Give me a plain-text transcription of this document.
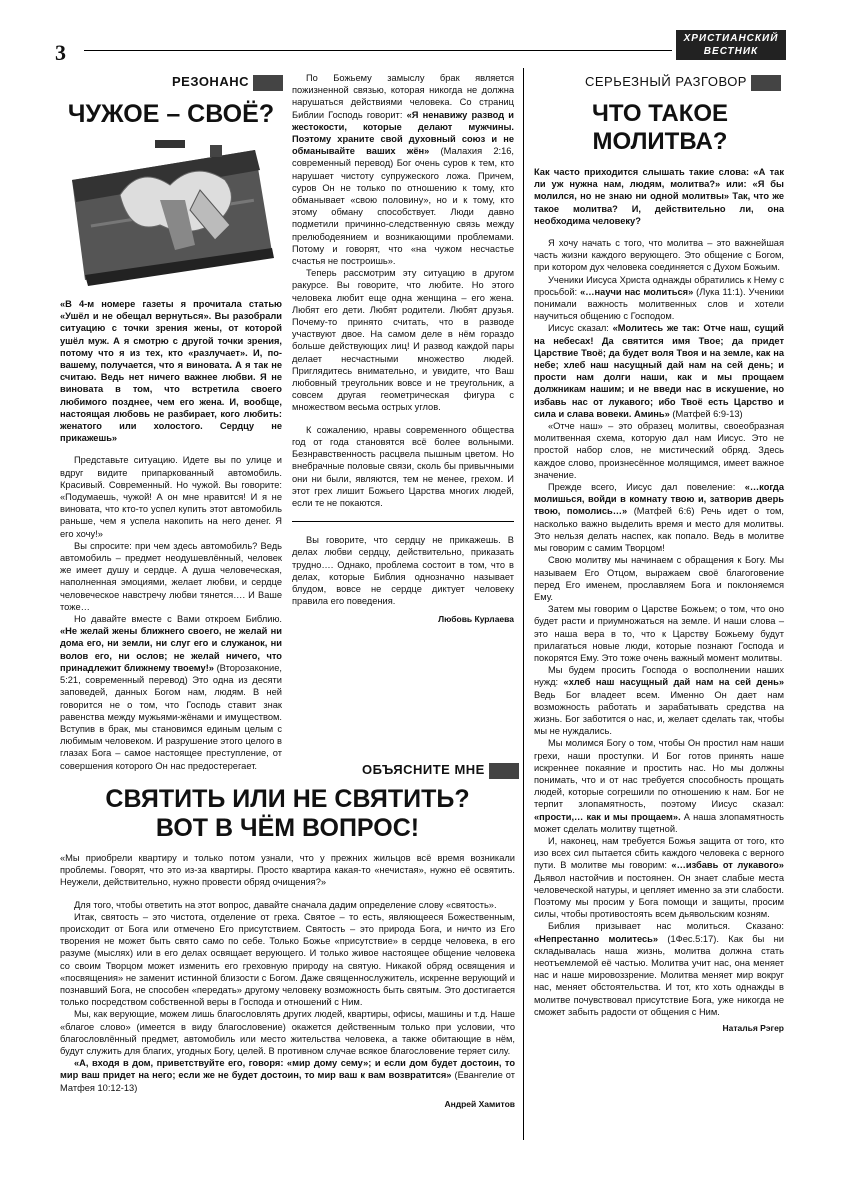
3
ХРИСТИАНСКИЙ
ВЕСТНИК
РЕЗОНАНС
ЧУЖОЕ – СВОЁ?

«В 4-м номере газеты я прочитала статью «Ушёл и не обещал вернуться». Вы разобрали ситуацию с точки зрения жены, от которой ушёл муж. А я смотрю с другой точки зрения, потому что я из тех, кто «разлучает». И, по-вашему, получается, что я виновата. А я так не считаю. Ведь нет ничего важнее любви. Я не виновата в том, что встретила своего любимого позднее, чем его жена. И, вообще, настоящая любовь не разбирает, кого любить: женатого или холостого. Сердцу не прикажешь»

Представьте ситуацию. Идете вы по улице и вдруг видите припаркованный автомобиль. Красивый. Современный. Но чужой. Вы говорите: «Подумаешь, чужой! А он мне нравится! И я не виновата, что кто-то успел купить этот автомобиль раньше, чем я успела накопить на него денег. Я его хочу!»

Вы спросите: при чем здесь автомобиль? Ведь автомобиль – предмет неодушевлённый, человек же имеет душу и сердце. А душа человеческая, наполненная эмоциями, желает любви, и сердце человеческое навстречу любви тянется…. И Ваше тоже…

Но давайте вместе с Вами откроем Библию. «Не желай жены ближнего своего, не желай ни дома его, ни земли, ни слуг его и служанок, ни волов его, ни ослов; не желай ничего, что принадлежит ближнему твоему!» (Второзаконие, 5:21, современный перевод) Это одна из десяти заповедей, данных Богом нам, людям. В ней говорится не о том, что Господь ставит знак равенства между мужьями-жёнами и имуществом. Вступив в брак, мы становимся единым целым с любимым человеком. И разрушение этого целого в глазах Бога – самое настоящее преступление, от совершения которого Он нас предостерегает.

По Божьему замыслу брак является пожизненной связью, которая никогда не должна нарушаться действиями человека. Со страниц Библии Господь говорит: «Я ненавижу развод и жестокости, которые делают мужчины. Поэтому храните свой духовный союз и не обманывайте ваших жён» (Малахия 2:16, современный перевод) Бог очень суров к тем, кто нарушает чистоту супружеского ложа. Причем, суров Он не только по отношению к тому, кто обманывает «свою половину», но и к тому, кто этому обману способствует. Люди давно подметили причинно-следственную связь между прелюбодеянием и возникающими проблемами. Потому и говорят, что «на чужом несчастье счастья не построишь».

Теперь рассмотрим эту ситуацию в другом ракурсе. Вы говорите, что любите. Но этого человека любит еще одна женщина – его жена. Любят его дети. Любят родители. Любят друзья. Почему-то принято считать, что в разводе участвуют двое. На самом деле в нём гораздо больше действующих лиц! И развод каждой пары делает несчастными множество людей. Приглядитесь внимательно, и увидите, что Ваш любовный треугольник вовсе и не треугольник, а совсем другая геометрическая фигура с множеством весьма острых углов.

К сожалению, нравы современного общества год от года становятся всё более вольными. Безнравственность расцвела пышным цветом. Но внебрачные половые связи, сколь бы привычными они ни были, являются, тем не менее, грехом. И этот грех лишит Божьего Царства многих людей, если те не покаются.

Вы говорите, что сердцу не прикажешь. В делах любви сердцу, действительно, приказать трудно…. Однако, проблема состоит в том, что в делах, которые Библия однозначно называет блудом, вовсе не сердце диктует человеку правила его поведения.

Любовь Курлаева
СЕРЬЕЗНЫЙ РАЗГОВОР
ЧТО ТАКОЕ
МОЛИТВА?

Как часто приходится слышать такие слова: «А так ли уж нужна нам, людям, молитва?» или: «Я бы молился, но не знаю ни одной молитвы» Так, что же такое молитва? И, действительно ли, она необходима человеку?

Я хочу начать с того, что молитва – это важнейшая часть жизни каждого верующего. Это общение с Богом, при котором дух человека соединяется с Духом Божьим.

Ученики Иисуса Христа однажды обратились к Нему с просьбой: «…научи нас молиться» (Лука 11:1). Ученики понимали важность молитвенных слов и хотели научиться общению с Господом.

Иисус сказал: «Молитесь же так: Отче наш, сущий на небесах! Да святится имя Твое; да придет Царствие Твоё; да будет воля Твоя и на земле, как на небе; хлеб наш насущный дай нам на сей день; и прости нам долги наши, как и мы прощаем должникам нашим; и не введи нас в искушение, но избавь нас от лукавого; ибо Твоё есть Царство и сила и слава вовеки. Аминь» (Матфей 6:9-13)

«Отче наш» – это образец молитвы, своеобразная молитвенная схема, которую дал нам Иисус. Это не простой набор слов, не мистический обряд. Здесь каждое слово, произнесённое молящимся, имеет важное значение.

Прежде всего, Иисус дал повеление: «…когда молишься, войди в комнату твою и, затворив дверь твою, помолись…» (Матфей 6:6) Речь идет о том, насколько важно выделить время и место для молитвы. Это нельзя делать наспех, как попало. Ведь в молитве мы говорим с самим Творцом!

Свою молитву мы начинаем с обращения к Богу. Мы называем Его Отцом, выражаем своё благоговение перед Его именем, прославляем Бога и поклоняемся Ему.

Затем мы говорим о Царстве Божьем; о том, что оно будет расти и приумножаться на земле. И наши слова – это наша вера в то, что к Царству Божьему будут прилагаться новые люди, которые познают Господа и покорятся Ему. Это тоже очень важный момент молитвы.

Мы будем просить Господа о восполнении наших нужд: «хлеб наш насущный дай нам на сей день» Ведь Бог владеет всем. Именно Он дает нам возможность работать и зарабатывать средства на жизнь. Бог заботится о нас, и, желает сделать так, чтобы мы не нуждались.

Мы молимся Богу о том, чтобы Он простил нам наши грехи, наши проступки. И Бог готов принять наше искреннее покаяние и простить нас. Но мы должны понимать, что и от нас требуется способность прощать людей, которые согрешили по отношению к нам. Бог не терпит злопамятность, поэтому Иисус сказал: «прости,… как и мы прощаем». А наша злопамятность может сделать молитву тщетной.

И, наконец, нам требуется Божья защита от того, кто изо всех сил пытается сбить каждого человека с верного пути. В молитве мы говорим: «…избавь от лукавого» Дьявол настойчив и постоянен. Он знает слабые места человеческой натуры, и цепляет именно за эти слабости. Поэтому мы просим у Бога помощи и защиты, просим силы, чтобы противостоять всем дьявольским козням.

Библия призывает нас молиться. Сказано: «Непрестанно молитесь» (1Фес.5:17). Как бы ни складывалась наша жизнь, молитва должна стать неотъемлемой её частью. Молитва учит нас, она меняет нас и наше мировоззрение. Молитва меняет мир вокруг нас, меняет обстоятельства. И тот, кто хоть однажды в молитве почувствовал присутствие Бога, уже никогда не сможет забыть радости от общения с Ним.

Наталья Рэгер
ОБЪЯСНИТЕ МНЕ
СВЯТИТЬ ИЛИ НЕ СВЯТИТЬ?
ВОТ В ЧЁМ ВОПРОС!

«Мы приобрели квартиру и только потом узнали, что у прежних жильцов всё время возникали проблемы. Говорят, что это из-за квартиры. Просто квартира какая-то «нечистая», нужно её освятить. Неужели, действительно, нужно провести обряд очищения?»

Для того, чтобы ответить на этот вопрос, давайте сначала дадим определение слову «святость».

Итак, святость – это чистота, отделение от греха. Святое – то есть, являющееся Божественным, происходит от Бога или отмечено Его присутствием. Святость – это природа Бога, и ничто из Его творения не может быть свято само по себе. Только Божье «присутствие» в сердце человека, в его разуме (мыслях) или в его делах освящает верующего. И только живое настоящее общение человека со своим Творцом может изменить его греховную природу на святую. Никакой обряд освящения и «посвящения» не заменит истинной близости с Богом. Даже священнослужитель, искренне верующий и познавший Бога, не способен «передать» другому человеку возможность быть святым. Это достигается только посредством собственной веры в Господа и отношений с Ним.

Мы, как верующие, можем лишь благословлять других людей, квартиры, офисы, машины и т.д. Наше «благое слово» (имеется в виду благословение) окажется действенным только при условии, что благословлённый предмет, автомобиль или место жительства человека, а также обитающие в нём, будут служить для благих, угодных Богу, целей. В противном случае всякое благословение теряет силу.

«А, входя в дом, приветствуйте его, говоря: «мир дому сему»; и если дом будет достоин, то мир ваш придет на него; если же не будет достоин, то мир ваш к вам возвратится» (Евангелие от Матфея 10:12-13)

Андрей Хамитов
